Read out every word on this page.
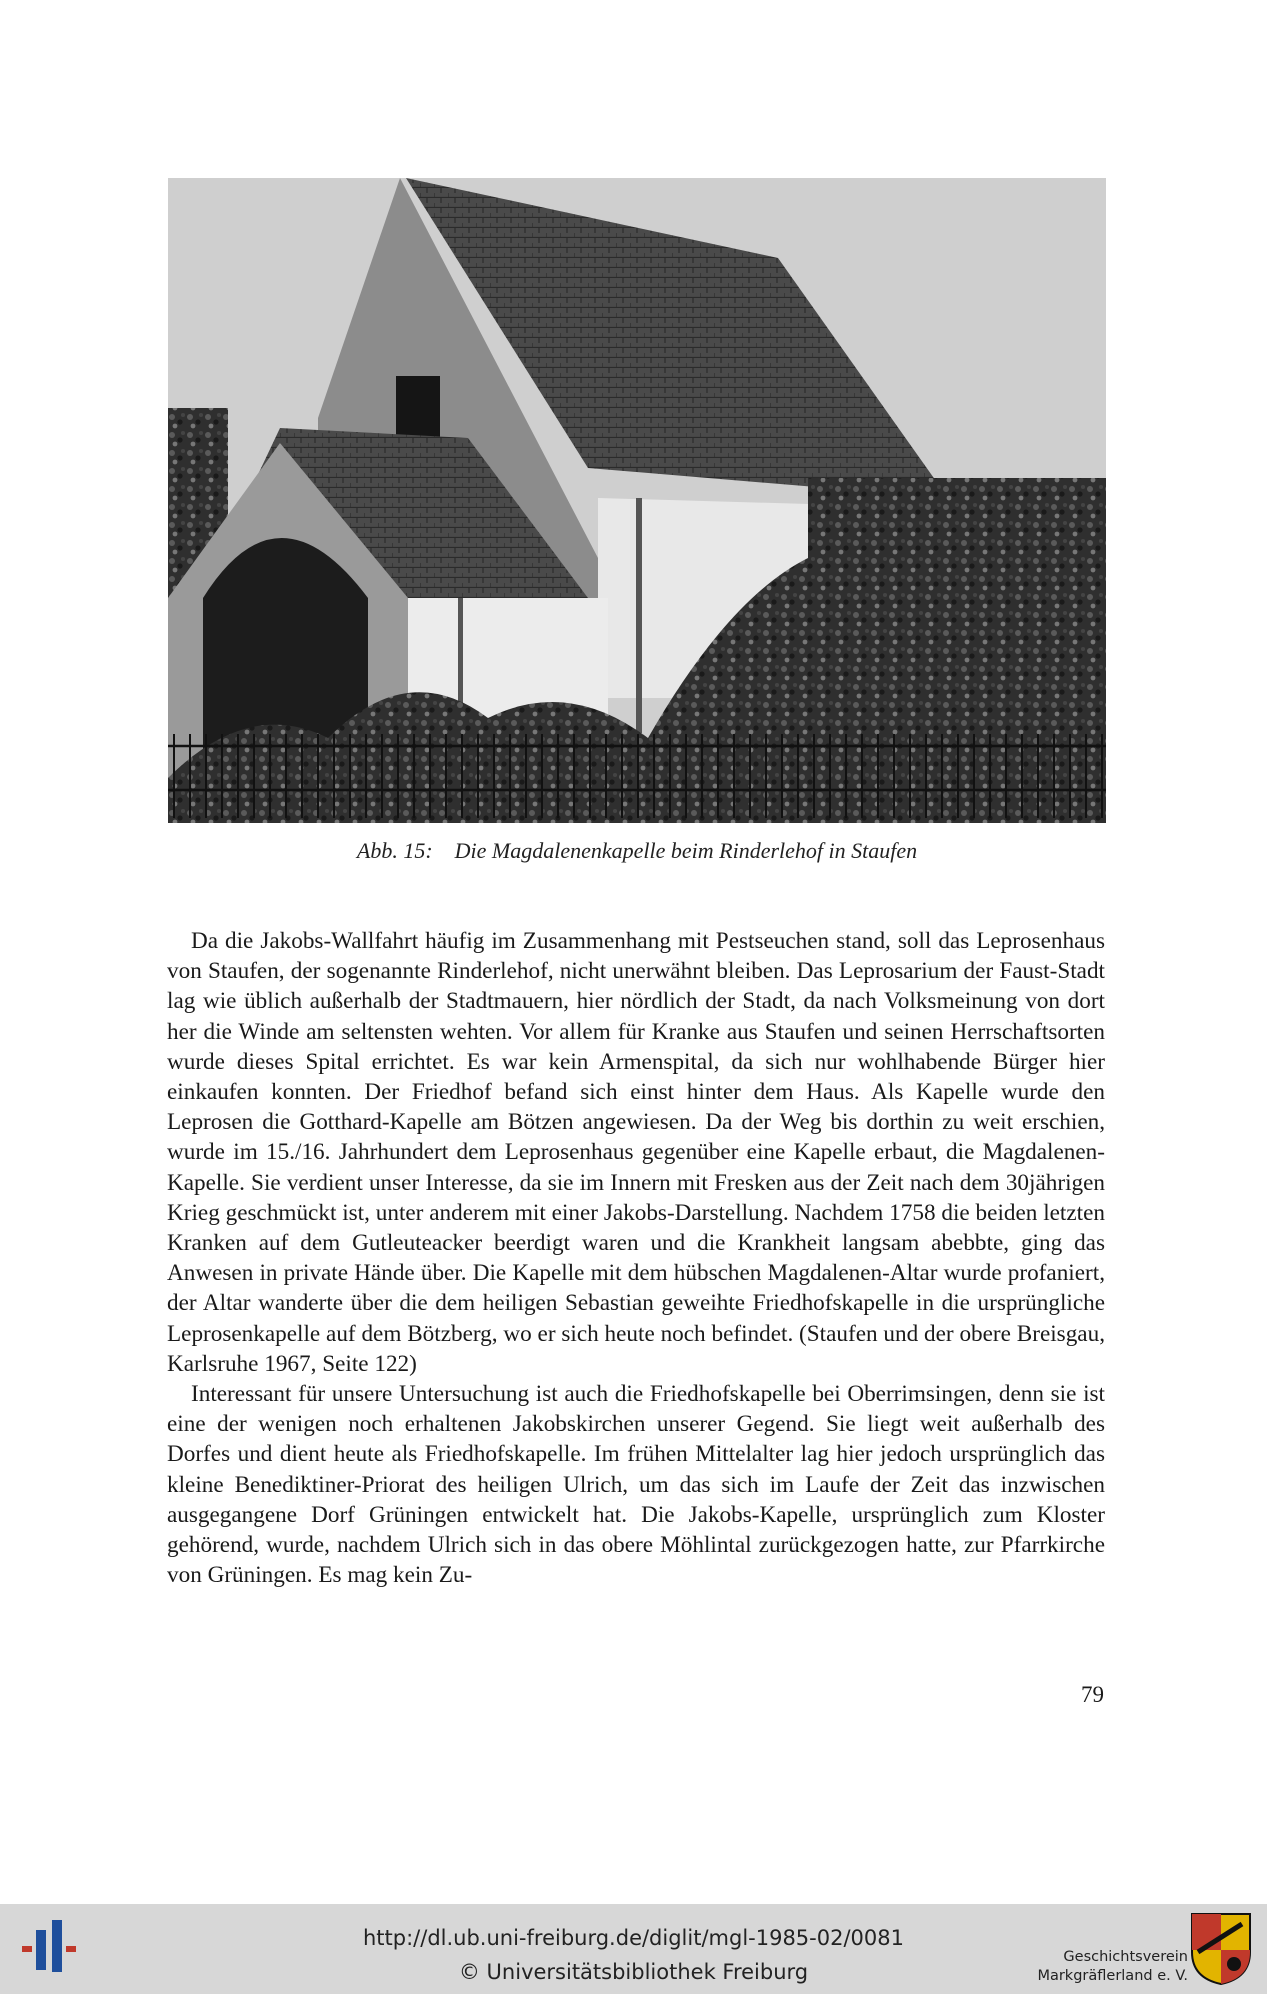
Abb. 15: Die Magdalenenkapelle beim Rinderlehof in Staufen

Da die Jakobs-Wallfahrt häufig im Zusammenhang mit Pestseuchen stand, soll das Leprosenhaus von Staufen, der sogenannte Rinderlehof, nicht unerwähnt bleiben. Das Leprosarium der Faust-Stadt lag wie üblich außerhalb der Stadtmauern, hier nördlich der Stadt, da nach Volksmeinung von dort her die Winde am seltensten wehten. Vor allem für Kranke aus Staufen und seinen Herrschaftsorten wurde dieses Spital errichtet. Es war kein Armenspital, da sich nur wohlhabende Bürger hier einkaufen konnten. Der Friedhof befand sich einst hinter dem Haus. Als Kapelle wurde den Leprosen die Gotthard-Kapelle am Bötzen angewiesen. Da der Weg bis dorthin zu weit erschien, wurde im 15./16. Jahrhundert dem Leprosenhaus gegenüber eine Kapelle erbaut, die Magdalenen-Kapelle. Sie verdient unser Interesse, da sie im Innern mit Fresken aus der Zeit nach dem 30jährigen Krieg geschmückt ist, unter anderem mit einer Jakobs-Darstellung. Nachdem 1758 die beiden letzten Kranken auf dem Gutleuteacker beerdigt waren und die Krankheit langsam abebbte, ging das Anwesen in private Hände über. Die Kapelle mit dem hübschen Magdalenen-Altar wurde profaniert, der Altar wanderte über die dem heiligen Sebastian geweihte Friedhofskapelle in die ursprüngliche Leprosenkapelle auf dem Bötzberg, wo er sich heute noch befindet. (Staufen und der obere Breisgau, Karlsruhe 1967, Seite 122)

Interessant für unsere Untersuchung ist auch die Friedhofskapelle bei Oberrimsingen, denn sie ist eine der wenigen noch erhaltenen Jakobskirchen unserer Gegend. Sie liegt weit außerhalb des Dorfes und dient heute als Friedhofskapelle. Im frühen Mittelalter lag hier jedoch ursprünglich das kleine Benediktiner-Priorat des heiligen Ulrich, um das sich im Laufe der Zeit das inzwischen ausgegangene Dorf Grüningen entwickelt hat. Die Jakobs-Kapelle, ursprünglich zum Kloster gehörend, wurde, nachdem Ulrich sich in das obere Möhlintal zurückgezogen hatte, zur Pfarrkirche von Grüningen. Es mag kein Zu-

79
http://dl.ub.uni-freiburg.de/diglit/mgl-1985-02/0081
© Universitätsbibliothek Freiburg
Geschichtsverein
Markgräflerland e. V.
